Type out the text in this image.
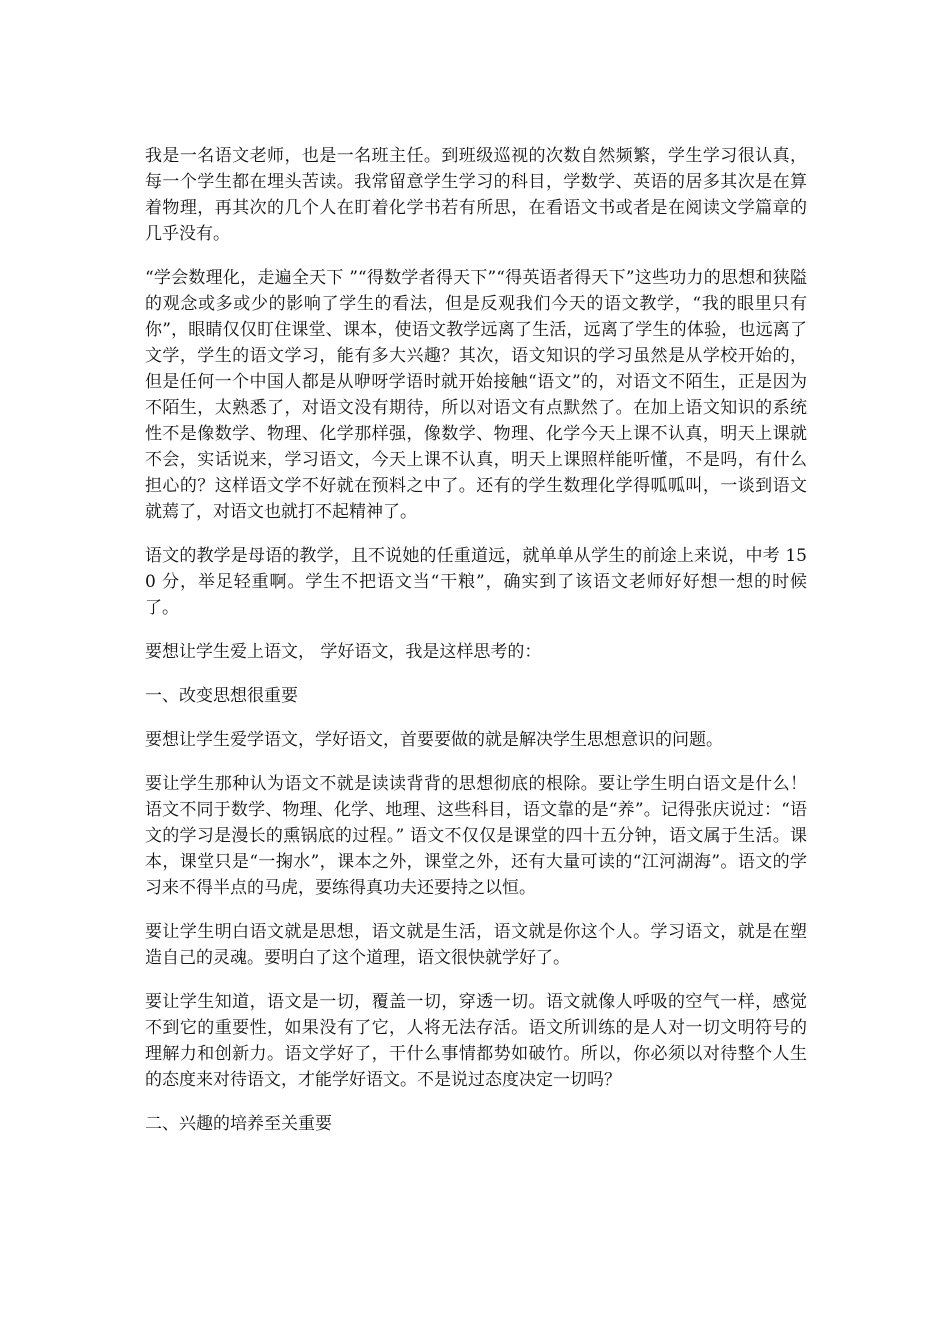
我是一名语文老师，也是一名班主任。到班级巡视的次数自然频繁，学生学习很认真，每一个学生都在埋头苦读。我常留意学生学习的科目，学数学、英语的居多其次是在算着物理，再其次的几个人在盯着化学书若有所思，在看语文书或者是在阅读文学篇章的几乎没有。

“学会数理化，走遍全天下 ”“得数学者得天下”“得英语者得天下”这些功力的思想和狭隘的观念或多或少的影响了学生的看法，但是反观我们今天的语文教学，“我的眼里只有你”，眼睛仅仅盯住课堂、课本，使语文教学远离了生活，远离了学生的体验，也远离了文学，学生的语文学习，能有多大兴趣？其次，语文知识的学习虽然是从学校开始的，但是任何一个中国人都是从咿呀学语时就开始接触“语文”的，对语文不陌生，正是因为不陌生，太熟悉了，对语文没有期待，所以对语文有点默然了。在加上语文知识的系统性不是像数学、物理、化学那样强，像数学、物理、化学今天上课不认真，明天上课就不会，实话说来，学习语文，今天上课不认真，明天上课照样能听懂，不是吗，有什么担心的？这样语文学不好就在预料之中了。还有的学生数理化学得呱呱叫，一谈到语文就蔫了，对语文也就打不起精神了。

语文的教学是母语的教学，且不说她的任重道远，就单单从学生的前途上来说，中考 150 分，举足轻重啊。学生不把语文当“干粮”，确实到了该语文老师好好想一想的时候了。

要想让学生爱上语文， 学好语文，我是这样思考的：

一、改变思想很重要

要想让学生爱学语文，学好语文，首要要做的就是解决学生思想意识的问题。

要让学生那种认为语文不就是读读背背的思想彻底的根除。要让学生明白语文是什么！语文不同于数学、物理、化学、地理、这些科目，语文靠的是“养”。记得张庆说过：“语文的学习是漫长的熏锅底的过程。” 语文不仅仅是课堂的四十五分钟，语文属于生活。课本，课堂只是“一掬水”，课本之外，课堂之外，还有大量可读的“江河湖海”。语文的学习来不得半点的马虎，要练得真功夫还要持之以恒。

要让学生明白语文就是思想，语文就是生活，语文就是你这个人。学习语文，就是在塑造自己的灵魂。要明白了这个道理，语文很快就学好了。

要让学生知道，语文是一切，覆盖一切，穿透一切。语文就像人呼吸的空气一样，感觉不到它的重要性，如果没有了它，人将无法存活。语文所训练的是人对一切文明符号的理解力和创新力。语文学好了，干什么事情都势如破竹。所以，你必须以对待整个人生的态度来对待语文，才能学好语文。不是说过态度决定一切吗？

二、兴趣的培养至关重要
